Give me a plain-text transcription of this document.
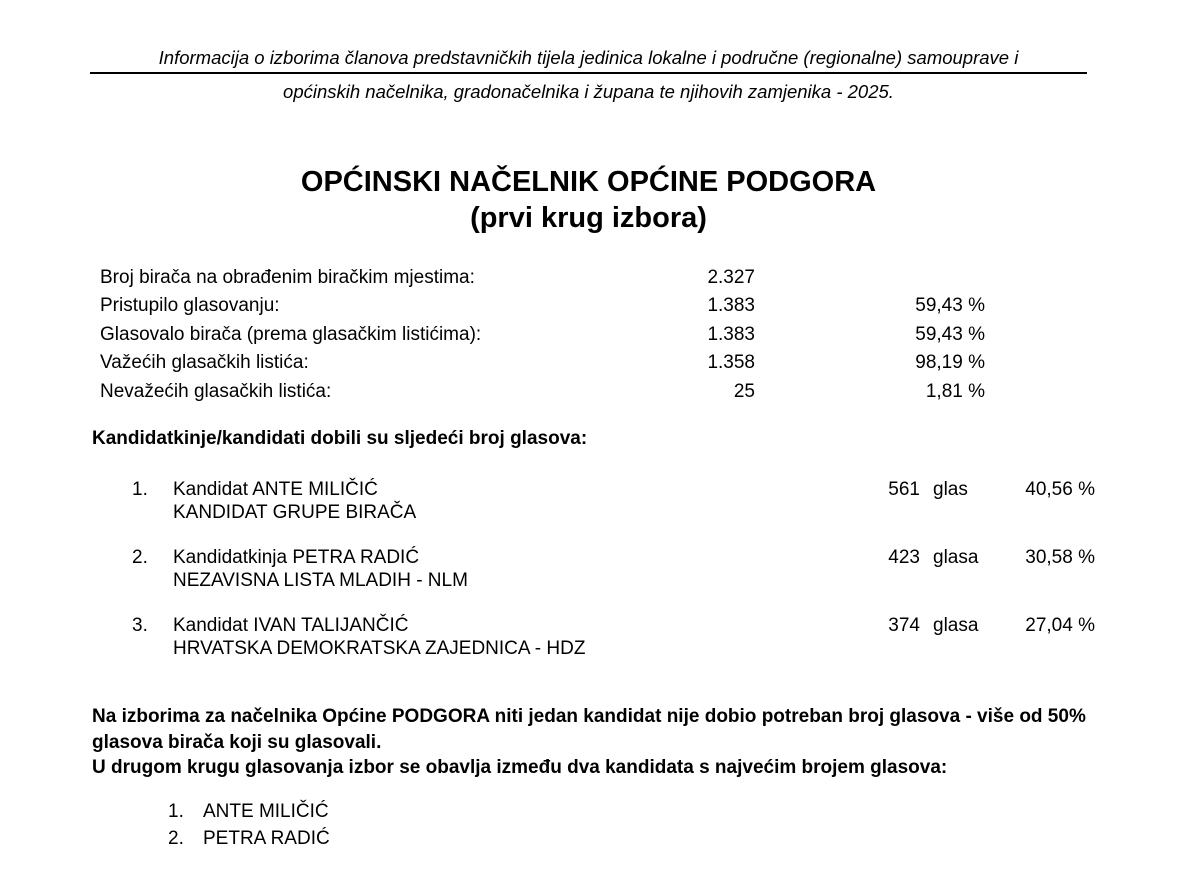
Informacija o izborima članova predstavničkih tijela jedinica lokalne i područne (regionalne) samouprave i
općinskih načelnika, gradonačelnika i župana te njihovih zamjenika - 2025.
OPĆINSKI NAČELNIK OPĆINE PODGORA
(prvi krug izbora)
Broj birača na obrađenim biračkim mjestima:	2.327
Pristupilo glasovanju:	1.383	59,43 %
Glasovalo birača (prema glasačkim listićima):	1.383	59,43 %
Važećih glasačkih listića:	1.358	98,19 %
Nevažećih glasačkih listića:	25	1,81 %
Kandidatkinje/kandidati dobili su sljedeći broj glasova:
1.	Kandidat ANTE MILIČIĆ
KANDIDAT GRUPE BIRAČA
561 glas	40,56 %
2.	Kandidatkinja PETRA RADIĆ
NEZAVISNA LISTA MLADIH - NLM
423 glasa	30,58 %
3.	Kandidat IVAN TALIJANČIĆ
HRVATSKA DEMOKRATSKA ZAJEDNICA - HDZ
374 glasa	27,04 %
Na izborima za načelnika Općine PODGORA niti jedan kandidat nije dobio potreban broj glasova - više od 50% glasova birača koji su glasovali.
U drugom krugu glasovanja izbor se obavlja između dva kandidata s najvećim brojem glasova:
1.	ANTE MILIČIĆ
2.	PETRA RADIĆ
